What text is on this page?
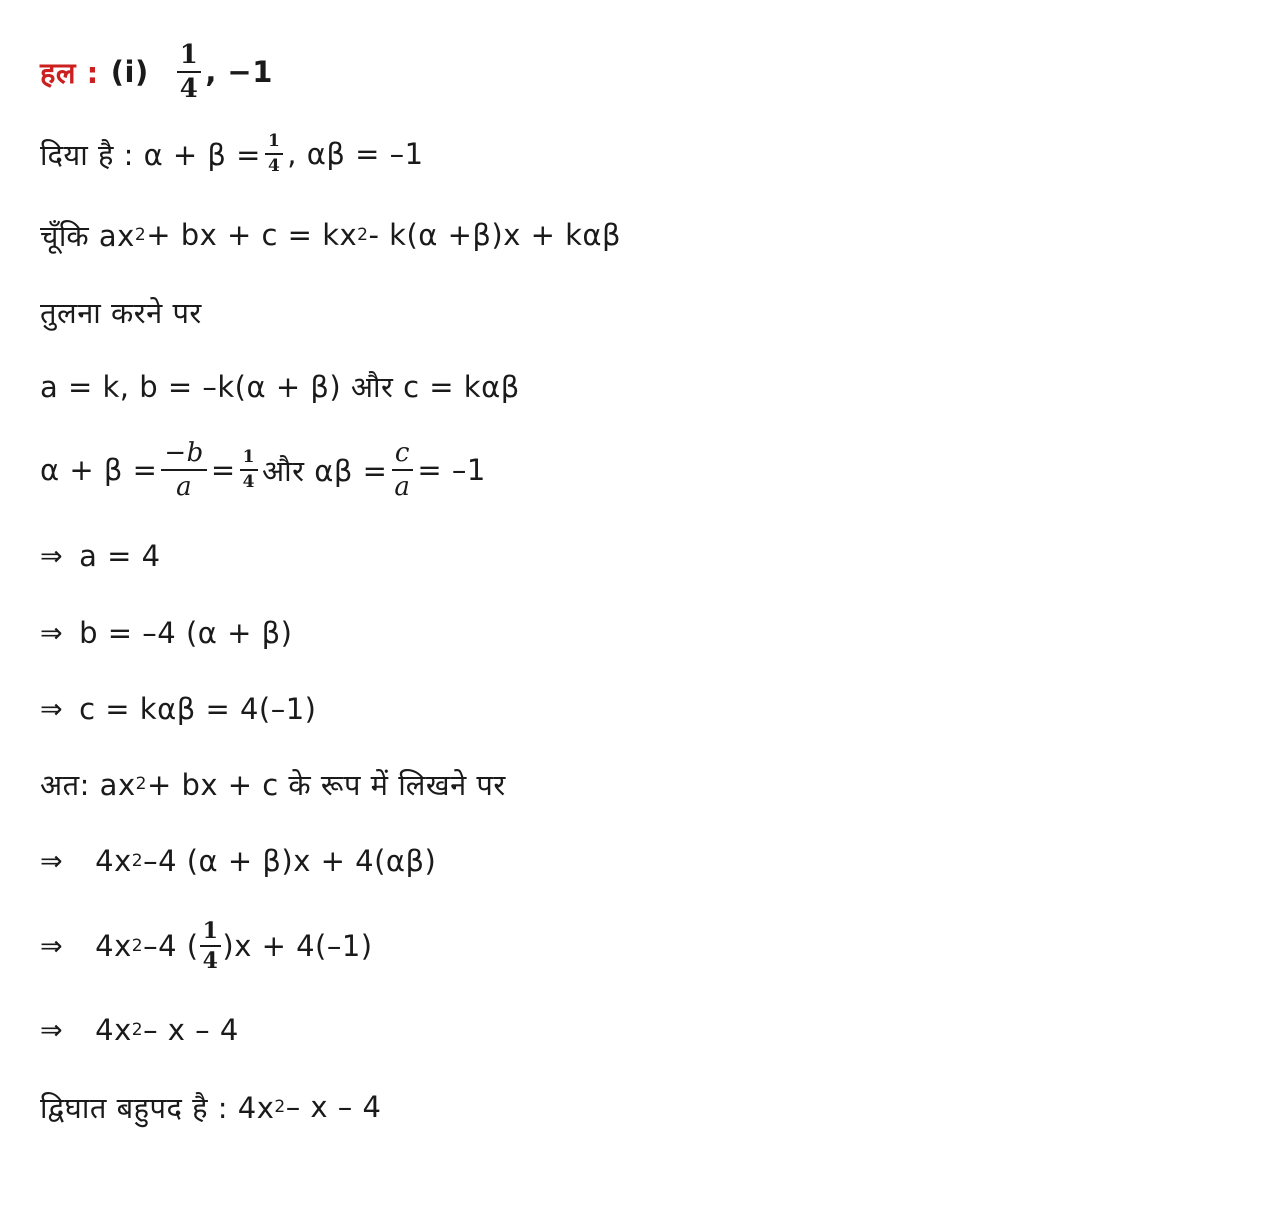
हल : $(i) \frac{1}{4}$ , −1
दिया है : $\alpha + \beta = \frac{1}{4}$ , αβ = –1
चूँकि ax 2 + bx + c = kx 2 - k(α +β)x + kαβ
तुलना करने पर
a = k, b = –k(α + β) और c = kαβ
$\alpha + \beta = \frac{-b}{a} = \frac{1}{4}$ और $\alpha\beta = \frac{c}{a} = -1$
⇒ a = 4
⇒ b = –4 (α + β)
⇒ c = kαβ = 4(–1)
अत: ax 2 + bx + c के रूप में लिखने पर
⇒ 4x 2 –4 (α + β)x + 4(αβ)
⇒ 4x 2 –4 ( $\frac{1}{4} )x + 4(-1)$
⇒ 4x 2 – x – 4
द्विघात बहुपद है : 4x 2 – x – 4
